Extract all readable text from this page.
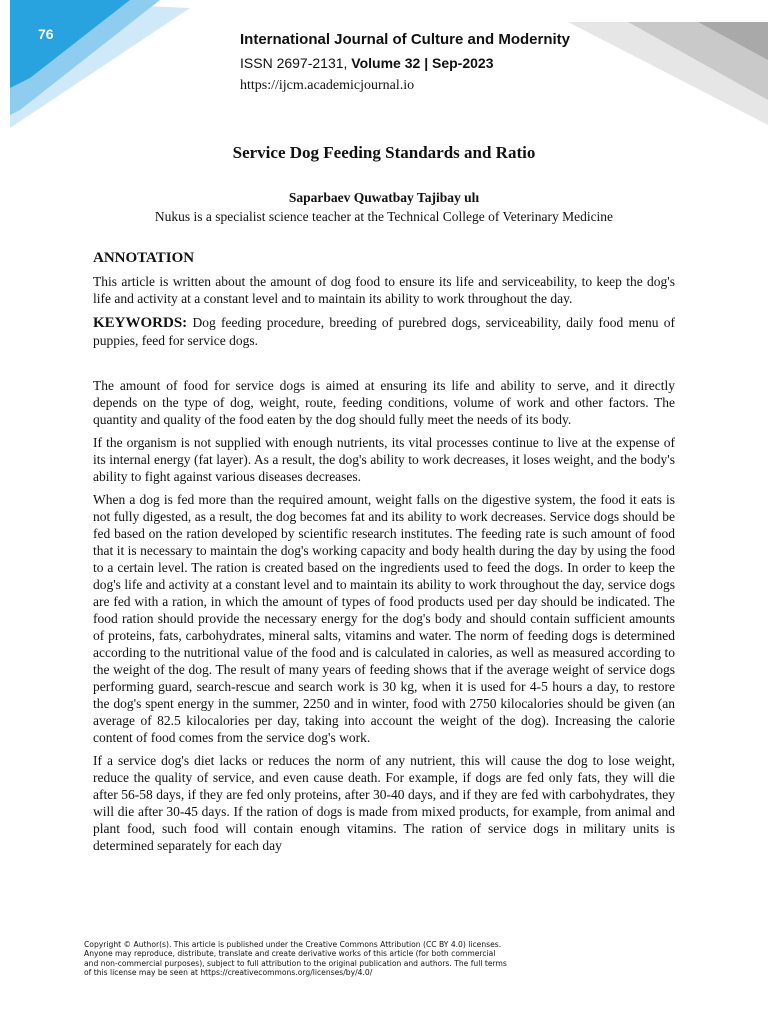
76	International Journal of Culture and Modernity
ISSN 2697-2131, Volume 32 | Sep-2023
https://ijcm.academicjournal.io
Service Dog Feeding Standards and Ratio
Saparbaev Quwatbay Tajibay ulı
Nukus is a specialist science teacher at the Technical College of Veterinary Medicine
ANNOTATION

This article is written about the amount of dog food to ensure its life and serviceability, to keep the dog's life and activity at a constant level and to maintain its ability to work throughout the day.

KEYWORDS: Dog feeding procedure, breeding of purebred dogs, serviceability, daily food menu of puppies, feed for service dogs.

The amount of food for service dogs is aimed at ensuring its life and ability to serve, and it directly depends on the type of dog, weight, route, feeding conditions, volume of work and other factors. The quantity and quality of the food eaten by the dog should fully meet the needs of its body.

If the organism is not supplied with enough nutrients, its vital processes continue to live at the expense of its internal energy (fat layer). As a result, the dog's ability to work decreases, it loses weight, and the body's ability to fight against various diseases decreases.

When a dog is fed more than the required amount, weight falls on the digestive system, the food it eats is not fully digested, as a result, the dog becomes fat and its ability to work decreases. Service dogs should be fed based on the ration developed by scientific research institutes. The feeding rate is such amount of food that it is necessary to maintain the dog's working capacity and body health during the day by using the food to a certain level. The ration is created based on the ingredients used to feed the dogs. In order to keep the dog's life and activity at a constant level and to maintain its ability to work throughout the day, service dogs are fed with a ration, in which the amount of types of food products used per day should be indicated. The food ration should provide the necessary energy for the dog's body and should contain sufficient amounts of proteins, fats, carbohydrates, mineral salts, vitamins and water. The norm of feeding dogs is determined according to the nutritional value of the food and is calculated in calories, as well as measured according to the weight of the dog. The result of many years of feeding shows that if the average weight of service dogs performing guard, search-rescue and search work is 30 kg, when it is used for 4-5 hours a day, to restore the dog's spent energy in the summer, 2250 and in winter, food with 2750 kilocalories should be given (an average of 82.5 kilocalories per day, taking into account the weight of the dog). Increasing the calorie content of food comes from the service dog's work.

If a service dog's diet lacks or reduces the norm of any nutrient, this will cause the dog to lose weight, reduce the quality of service, and even cause death. For example, if dogs are fed only fats, they will die after 56-58 days, if they are fed only proteins, after 30-40 days, and if they are fed with carbohydrates, they will die after 30-45 days. If the ration of dogs is made from mixed products, for example, from animal and plant food, such food will contain enough vitamins. The ration of service dogs in military units is determined separately for each day

Copyright © Author(s). This article is published under the Creative Commons Attribution (CC BY 4.0) licenses.
Anyone may reproduce, distribute, translate and create derivative works of this article (for both commercial
and non-commercial purposes), subject to full attribution to the original publication and authors. The full terms
of this license may be seen at https://creativecommons.org/licenses/by/4.0/
